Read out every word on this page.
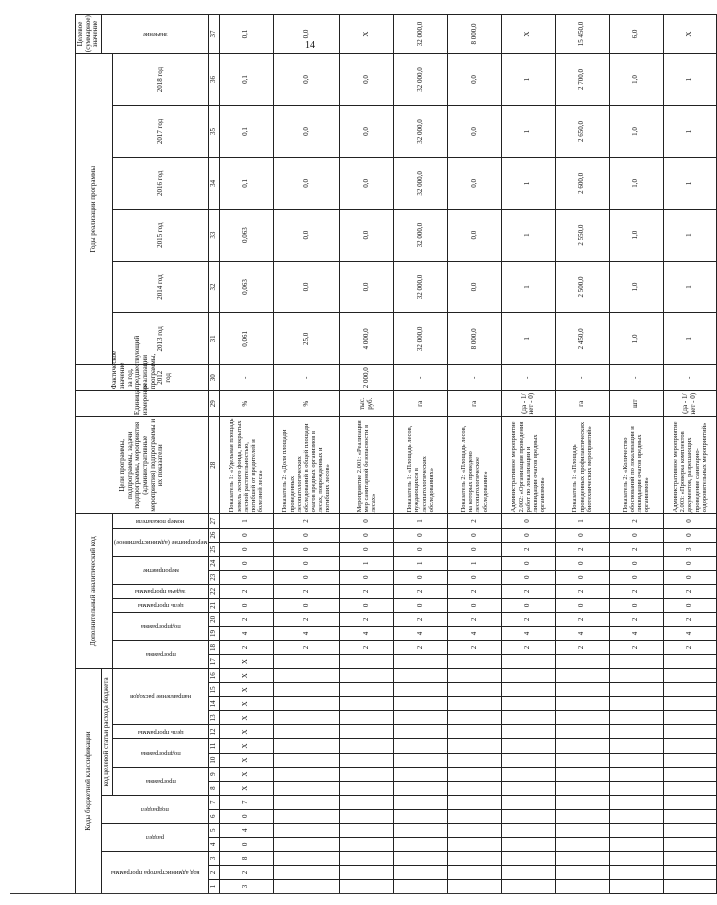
14
Коды бюджетной классификации																Дополнительный аналитический код											Цели программы, подпрограммы, задачи подпрограммы, мероприятия (административные мероприятия) подпрограммы и их показатели	Единица измерения	Фактическое значение за год, предшествующий реализации программы, 2012 год	Годы реализации программы						Целевое (суммарное) значение

код администратора программы			раздел		подраздел		код целевой статьи расхода бюджета																													значение

							программа		подпрограмма		цель программы	направление расходов				программа		подпрограмма		цель программы	задача программы	мероприятие		мероприятие (административное)		номер показателя				2013 год	2014 год	2015 год	2016 год	2017 год	2018 год	

1	2	3	4	5	6	7	8	9	10	11	12	13	14	15	16	17	18	19	20	21	22	23	24	25	26	27	28	29	30	31	32	33	34	35	36	37
3	2	8	0	4	0	7	X	X	X	X	X	X	X	X	X	X	2	4	2	0	2	0	0	0	0	1	Показатель 1: «Удельная площадь земель лесного фонда, покрытых лесной растительностью, погибшей от вредителей и болезней леса»	%	-	0,061	0,063	0,063	0,1	0,1	0,1	0,1
																	2	4	2	0	2	0	0	0	0	2	Показатель 2: «Доля площади проведенных лесопатологических обследований в общей площади очагов вредных организмов в лесах, поврежденных и погибших лесов»	%	-	25,0	0,0	0,0	0,0	0,0	0,0	0,0
																	2	4	2	0	2	0	1	0	0	0	Мероприятие 2.001: «Реализация мер санитарной безопасности в лесах»	тыс. руб.	2 000,0	4 000,0	0,0	0,0	0,0	0,0	0,0	X
																	2	4	2	0	2	0	1	0	0	1	Показатель 1: «Площадь лесов, нуждающихся в лесопатологических обследованиях»	га	-	32 000,0	32 000,0	32 000,0	32 000,0	32 000,0	32 000,0	32 000,0
																	2	4	2	0	2	0	1	0	0	2	Показатель 2: «Площадь лесов, на которых проведено лесопатологическое обследование»	га	-	8 000,0	0,0	0,0	0,0	0,0	0,0	8 000,0
																	2	4	2	0	2	0	0	2	0	0	Административное мероприятие 2.002: «Организация проведения работ по локализации и ликвидации очагов вредных организмов»	(да - 1/ нет - 0)	-	1	1	1	1	1	1	X
																	2	4	2	0	2	0	0	2	0	1	Показатель 1: «Площадь проведенных профилактических биотехнических мероприятий»	га	-	2 450,0	2 500,0	2 550,0	2 600,0	2 650,0	2 700,0	15 450,0
																	2	4	2	0	2	0	0	2	0	2	Показатель 2: «Количество обоснований по локализации и ликвидации очагов вредных организмов»	шт	-	1,0	1,0	1,0	1,0	1,0	1,0	6,0
																	2	4	2	0	2	0	0	3	0	0	Административное мероприятие 2.003: «Проверка комплектов документов, разрешающих проведение санитарно-оздоровительных мероприятий»	(да - 1/ нет - 0)	-	1	1	1	1	1	1	X
